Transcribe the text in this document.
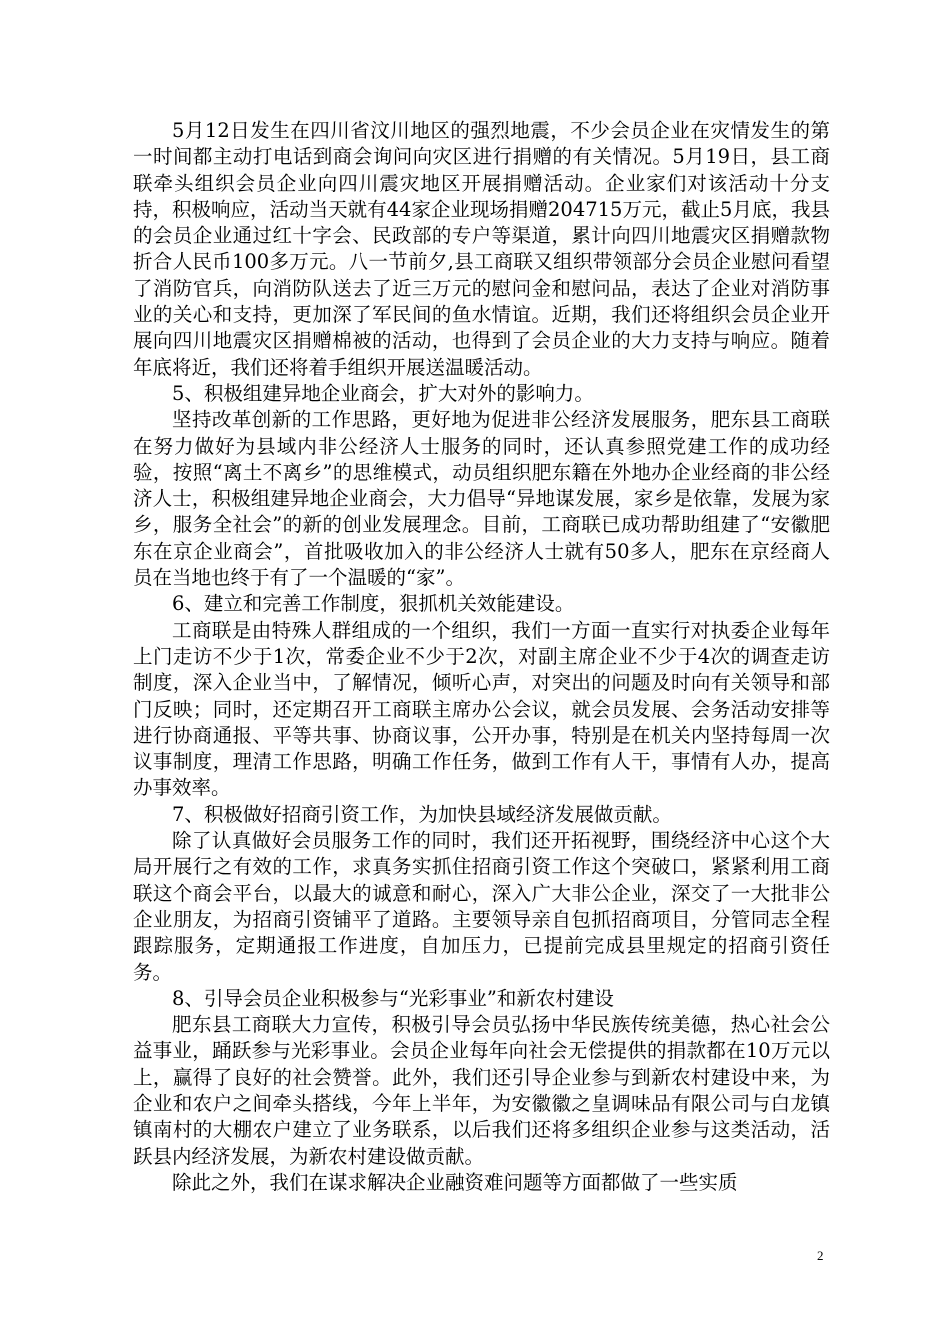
5月12日发生在四川省汶川地区的强烈地震，不少会员企业在灾情发生的第一时间都主动打电话到商会询问向灾区进行捐赠的有关情况。5月19日，县工商联牵头组织会员企业向四川震灾地区开展捐赠活动。企业家们对该活动十分支持，积极响应，活动当天就有44家企业现场捐赠204715万元，截止5月底，我县的会员企业通过红十字会、民政部的专户等渠道，累计向四川地震灾区捐赠款物折合人民币100多万元。八一节前夕,县工商联又组织带领部分会员企业慰问看望了消防官兵，向消防队送去了近三万元的慰问金和慰问品，表达了企业对消防事业的关心和支持，更加深了军民间的鱼水情谊。近期，我们还将组织会员企业开展向四川地震灾区捐赠棉被的活动，也得到了会员企业的大力支持与响应。随着年底将近，我们还将着手组织开展送温暖活动。

5、积极组建异地企业商会，扩大对外的影响力。

坚持改革创新的工作思路，更好地为促进非公经济发展服务，肥东县工商联在努力做好为县域内非公经济人士服务的同时，还认真参照党建工作的成功经验，按照“离土不离乡”的思维模式，动员组织肥东籍在外地办企业经商的非公经济人士，积极组建异地企业商会，大力倡导“异地谋发展，家乡是依靠，发展为家乡，服务全社会”的新的创业发展理念。目前，工商联已成功帮助组建了“安徽肥东在京企业商会”，首批吸收加入的非公经济人士就有50多人，肥东在京经商人员在当地也终于有了一个温暖的“家”。

6、建立和完善工作制度，狠抓机关效能建设。

工商联是由特殊人群组成的一个组织，我们一方面一直实行对执委企业每年上门走访不少于1次，常委企业不少于2次，对副主席企业不少于4次的调查走访制度，深入企业当中，了解情况，倾听心声，对突出的问题及时向有关领导和部门反映；同时，还定期召开工商联主席办公会议，就会员发展、会务活动安排等进行协商通报、平等共事、协商议事，公开办事，特别是在机关内坚持每周一次议事制度，理清工作思路，明确工作任务，做到工作有人干，事情有人办，提高办事效率。

7、积极做好招商引资工作，为加快县域经济发展做贡献。

除了认真做好会员服务工作的同时，我们还开拓视野，围绕经济中心这个大局开展行之有效的工作，求真务实抓住招商引资工作这个突破口，紧紧利用工商联这个商会平台，以最大的诚意和耐心，深入广大非公企业，深交了一大批非公企业朋友，为招商引资铺平了道路。主要领导亲自包抓招商项目，分管同志全程跟踪服务，定期通报工作进度，自加压力，已提前完成县里规定的招商引资任务。

8、引导会员企业积极参与“光彩事业”和新农村建设

肥东县工商联大力宣传，积极引导会员弘扬中华民族传统美德，热心社会公益事业，踊跃参与光彩事业。会员企业每年向社会无偿提供的捐款都在10万元以上，赢得了良好的社会赞誉。此外，我们还引导企业参与到新农村建设中来，为企业和农户之间牵头搭线，今年上半年，为安徽徽之皇调味品有限公司与白龙镇镇南村的大棚农户建立了业务联系，以后我们还将多组织企业参与这类活动，活跃县内经济发展，为新农村建设做贡献。

除此之外，我们在谋求解决企业融资难问题等方面都做了一些实质

2
